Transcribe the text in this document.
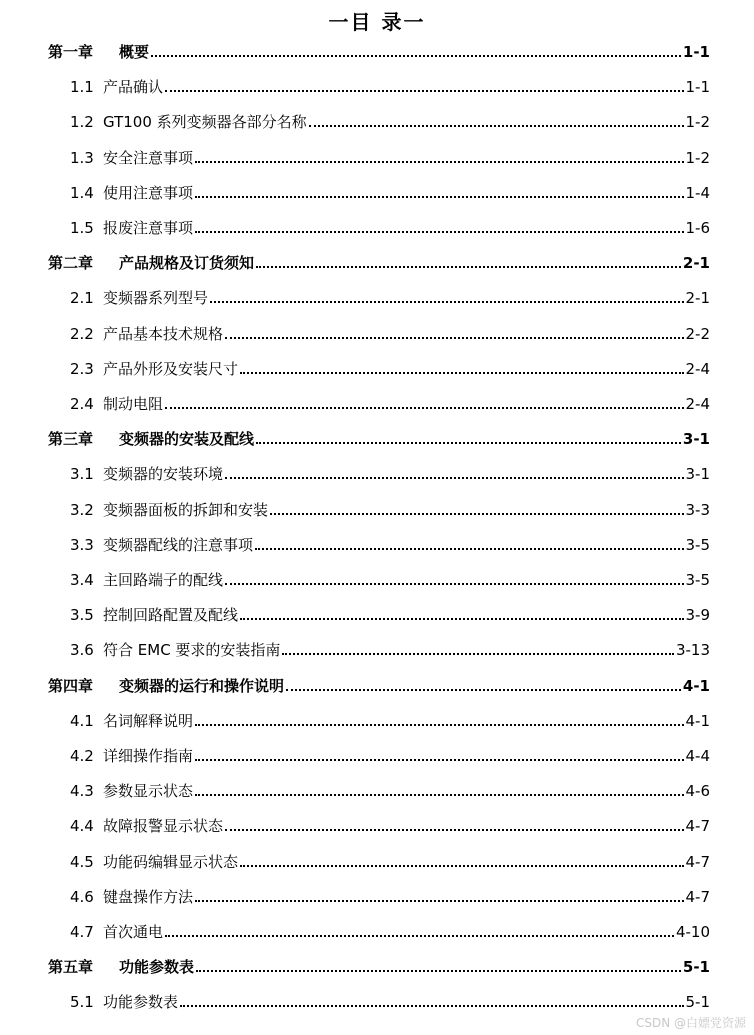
一目 录一
第一章	概要	1-1
1.1 产品确认	1-1
1.2 GT100 系列变频器各部分名称	1-2
1.3 安全注意事项	1-2
1.4 使用注意事项	1-4
1.5 报废注意事项	1-6
第二章	产品规格及订货须知	2-1
2.1 变频器系列型号	2-1
2.2 产品基本技术规格	2-2
2.3 产品外形及安装尺寸	2-4
2.4 制动电阻	2-4
第三章	变频器的安装及配线	3-1
3.1 变频器的安装环境	3-1
3.2 变频器面板的拆卸和安装	3-3
3.3 变频器配线的注意事项	3-5
3.4 主回路端子的配线	3-5
3.5 控制回路配置及配线	3-9
3.6 符合 EMC 要求的安装指南	3-13
第四章	变频器的运行和操作说明	4-1
4.1 名词解释说明	4-1
4.2 详细操作指南	4-4
4.3 参数显示状态	4-6
4.4 故障报警显示状态	4-7
4.5 功能码编辑显示状态	4-7
4.6 键盘操作方法	4-7
4.7 首次通电	4-10
第五章	功能参数表	5-1
5.1 功能参数表	5-1
CSDN @白嫖党资源
